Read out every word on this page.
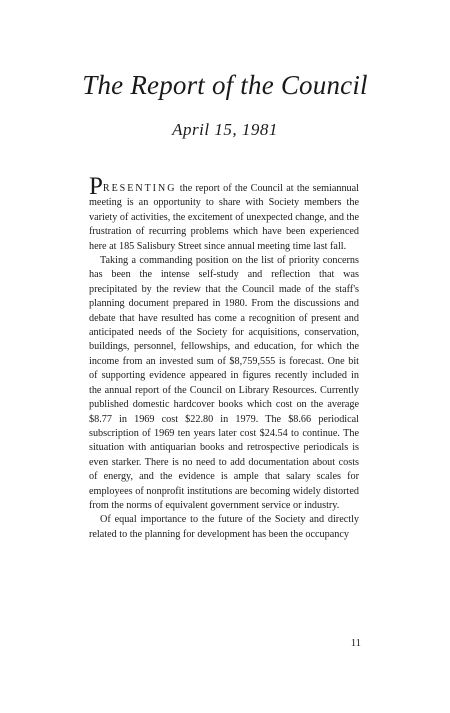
The Report of the Council

April 15, 1981

PRESENTING the report of the Council at the semiannual meeting is an opportunity to share with Society members the variety of activities, the excitement of unexpected change, and the frustration of recurring problems which have been experienced here at 185 Salisbury Street since annual meeting time last fall.

Taking a commanding position on the list of priority concerns has been the intense self-study and reflection that was precipitated by the review that the Council made of the staff's planning document prepared in 1980. From the discussions and debate that have resulted has come a recognition of present and anticipated needs of the Society for acquisitions, conservation, buildings, personnel, fellowships, and education, for which the income from an invested sum of $8,759,555 is forecast. One bit of supporting evidence appeared in figures recently included in the annual report of the Council on Library Resources. Currently published domestic hardcover books which cost on the average $8.77 in 1969 cost $22.80 in 1979. The $8.66 periodical subscription of 1969 ten years later cost $24.54 to continue. The situation with antiquarian books and retrospective periodicals is even starker. There is no need to add documentation about costs of energy, and the evidence is ample that salary scales for employees of nonprofit institutions are becoming widely distorted from the norms of equivalent government service or industry.

Of equal importance to the future of the Society and directly related to the planning for development has been the occupancy

11
